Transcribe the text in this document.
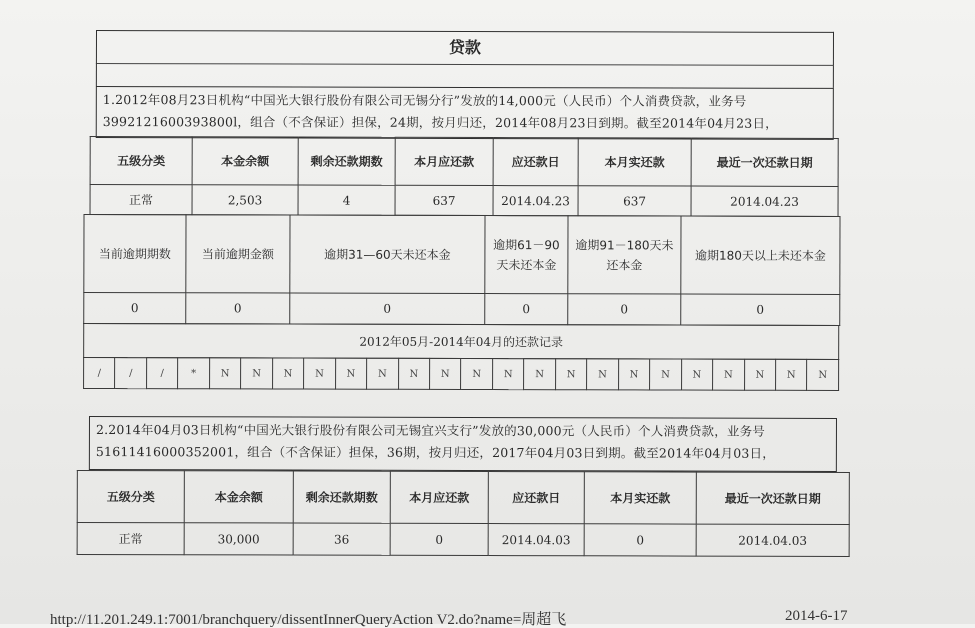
贷款
1.2012年08月23日机构“中国光大银行股份有限公司无锡分行”发放的14,000元（人民币）个人消费贷款，业务号3992121600393800l，组合（不含保证）担保，24期，按月归还，2014年08月23日到期。截至2014年04月23日，
五级分类	本金余额	剩余还款期数	本月应还款	应还款日	本月实还款	最近一次还款日期
正常	2,503	4	637	2014.04.23	637	2014.04.23
当前逾期期数	当前逾期金额	逾期31—60天未还本金	逾期61－90天未还本金	逾期91－180天未还本金	逾期180天以上未还本金
0	0	0	0	0	0
2012年05月-2014年04月的还款记录
/	/	/	*	N	N	N	N	N	N	N	N	N	N	N	N	N	N	N	N	N	N	N	N
2.2014年04月03日机构“中国光大银行股份有限公司无锡宜兴支行”发放的30,000元（人民币）个人消费贷款，业务号51611416000352001，组合（不含保证）担保，36期，按月归还，2017年04月03日到期。截至2014年04月03日，
五级分类	本金余额	剩余还款期数	本月应还款	应还款日	本月实还款	最近一次还款日期
正常	30,000	36	0	2014.04.03	0	2014.04.03
http://11.201.249.1:7001/branchquery/dissentInnerQueryAction V2.do?name=周超飞	2014-6-17
